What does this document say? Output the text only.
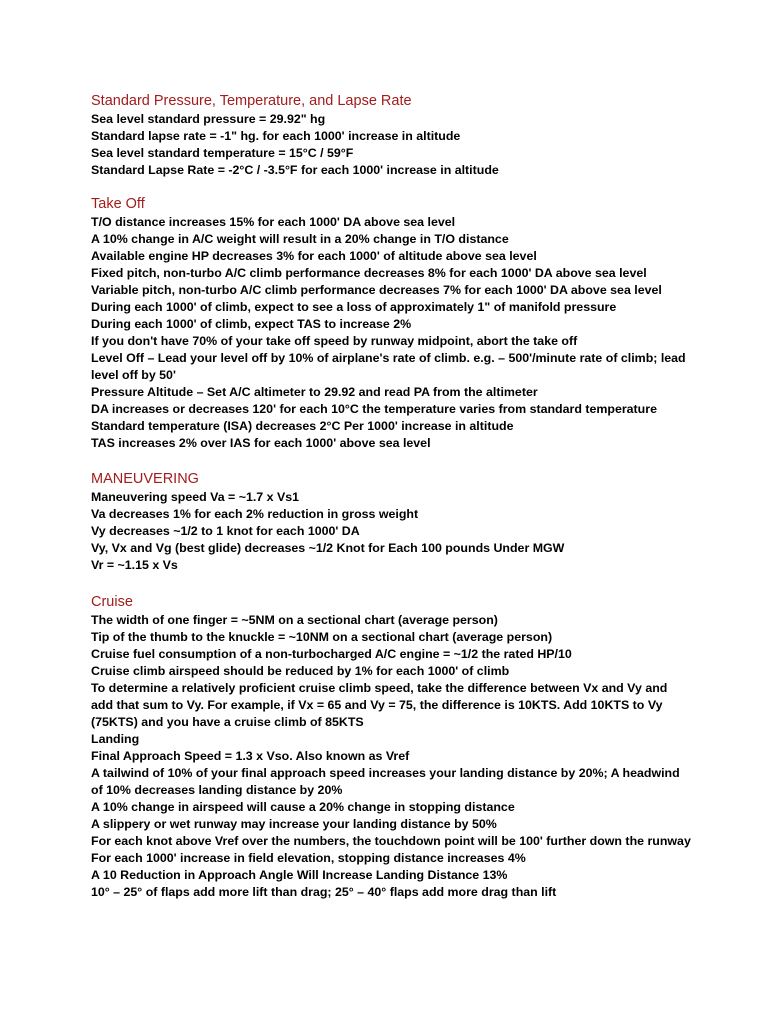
Standard Pressure, Temperature, and Lapse Rate
Sea level standard pressure = 29.92" hg
Standard lapse rate = -1" hg. for each 1000' increase in altitude
Sea level standard temperature = 15°C / 59°F
Standard Lapse Rate = -2°C / -3.5°F for each 1000' increase in altitude
Take Off
T/O distance increases 15% for each 1000' DA above sea level
A 10% change in A/C weight will result in a 20% change in T/O distance
Available engine HP decreases 3% for each 1000' of altitude above sea level
Fixed pitch, non-turbo A/C climb performance decreases 8% for each 1000' DA above sea level
Variable pitch, non-turbo A/C climb performance decreases 7% for each 1000' DA above sea level
During each 1000' of climb, expect to see a loss of approximately 1" of manifold pressure
During each 1000' of climb, expect TAS to increase 2%
If you don't have 70% of your take off speed by runway midpoint, abort the take off
Level Off – Lead your level off by 10% of airplane's rate of climb. e.g. – 500'/minute rate of climb; lead level off by 50'
Pressure Altitude – Set A/C altimeter to 29.92 and read PA from the altimeter
DA increases or decreases 120' for each 10°C the temperature varies from standard temperature
Standard temperature (ISA) decreases 2°C Per 1000' increase in altitude
TAS increases 2% over IAS for each 1000' above sea level
MANEUVERING
Maneuvering speed Va = ~1.7 x Vs1
Va decreases 1% for each 2% reduction in gross weight
Vy decreases ~1/2 to 1 knot for each 1000' DA
Vy, Vx and Vg (best glide) decreases ~1/2 Knot for Each 100 pounds Under MGW
Vr = ~1.15 x Vs
Cruise
The width of one finger = ~5NM on a sectional chart (average person)
Tip of the thumb to the knuckle = ~10NM on a sectional chart (average person)
Cruise fuel consumption of a non-turbocharged A/C engine = ~1/2 the rated HP/10
Cruise climb airspeed should be reduced by 1% for each 1000' of climb
To determine a relatively proficient cruise climb speed, take the difference between Vx and Vy and add that sum to Vy. For example, if Vx = 65 and Vy = 75, the difference is 10KTS. Add 10KTS to Vy (75KTS) and you have a cruise climb of 85KTS
Landing
Final Approach Speed = 1.3 x Vso. Also known as Vref
A tailwind of 10% of your final approach speed increases your landing distance by 20%; A headwind of 10% decreases landing distance by 20%
A 10% change in airspeed will cause a 20% change in stopping distance
A slippery or wet runway may increase your landing distance by 50%
For each knot above Vref over the numbers, the touchdown point will be 100' further down the runway
For each 1000' increase in field elevation, stopping distance increases 4%
A 10 Reduction in Approach Angle Will Increase Landing Distance 13%
10° – 25° of flaps add more lift than drag; 25° – 40° flaps add more drag than lift
